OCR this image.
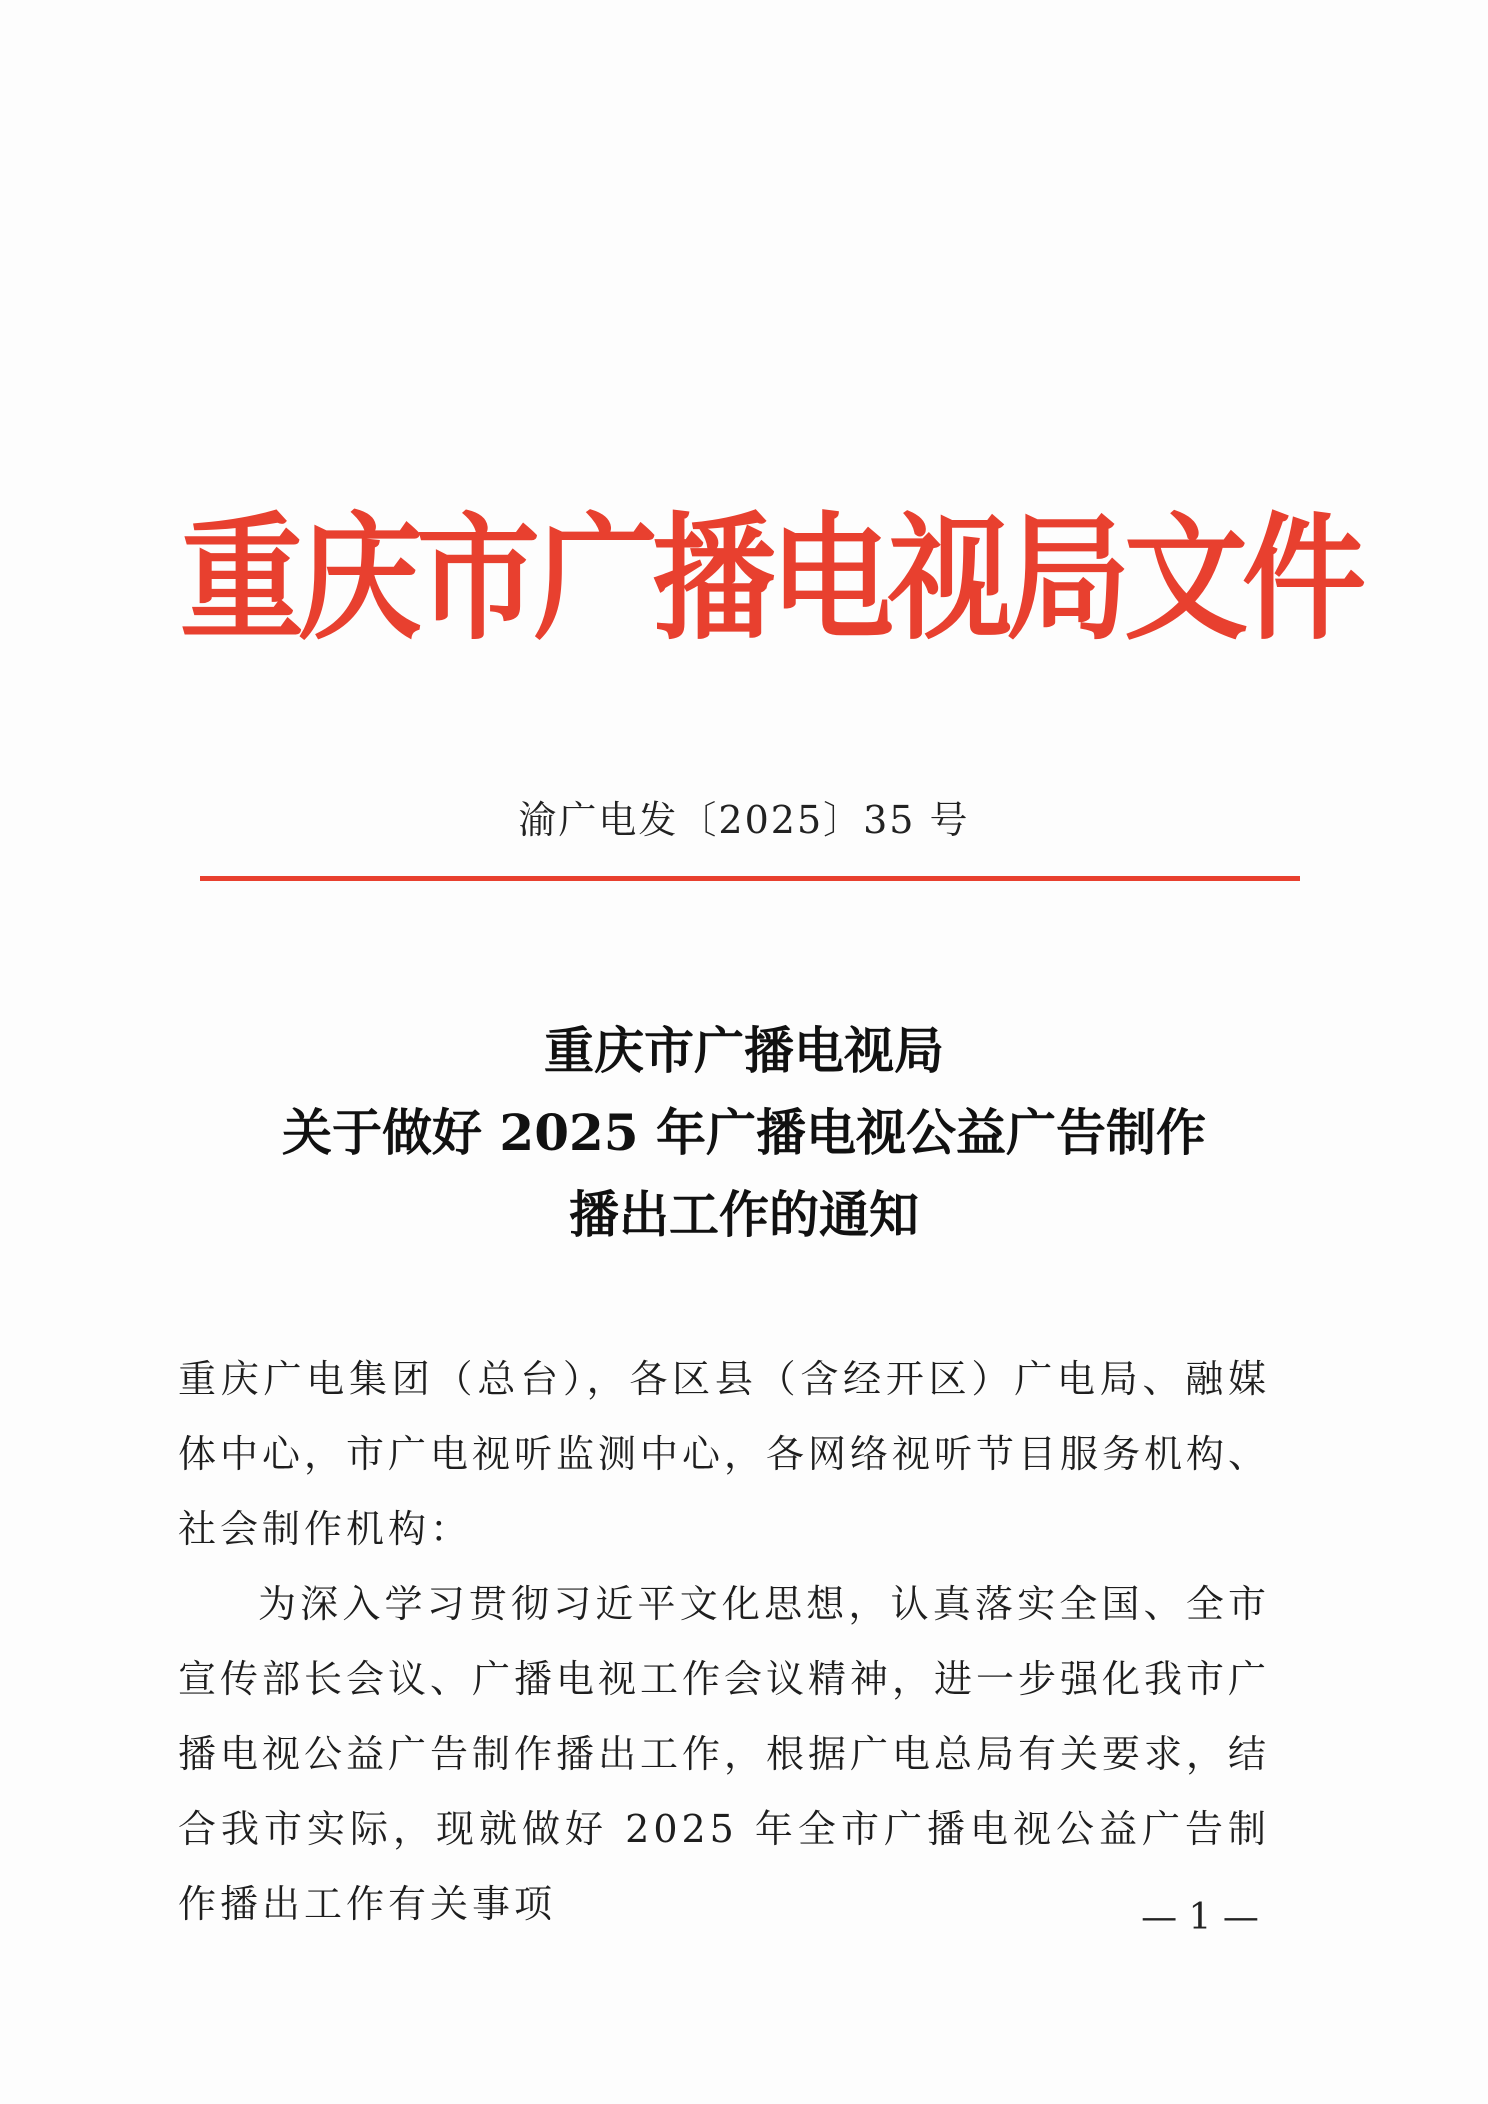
重庆市广播电视局文件
渝广电发〔2025〕35 号
重庆市广播电视局
关于做好 2025 年广播电视公益广告制作
播出工作的通知

重庆广电集团（总台），各区县（含经开区）广电局、融媒体中心，市广电视听监测中心，各网络视听节目服务机构、社会制作机构：

为深入学习贯彻习近平文化思想，认真落实全国、全市宣传部长会议、广播电视工作会议精神，进一步强化我市广播电视公益广告制作播出工作，根据广电总局有关要求，结合我市实际，现就做好 2025 年全市广播电视公益广告制作播出工作有关事项	— 1 —
